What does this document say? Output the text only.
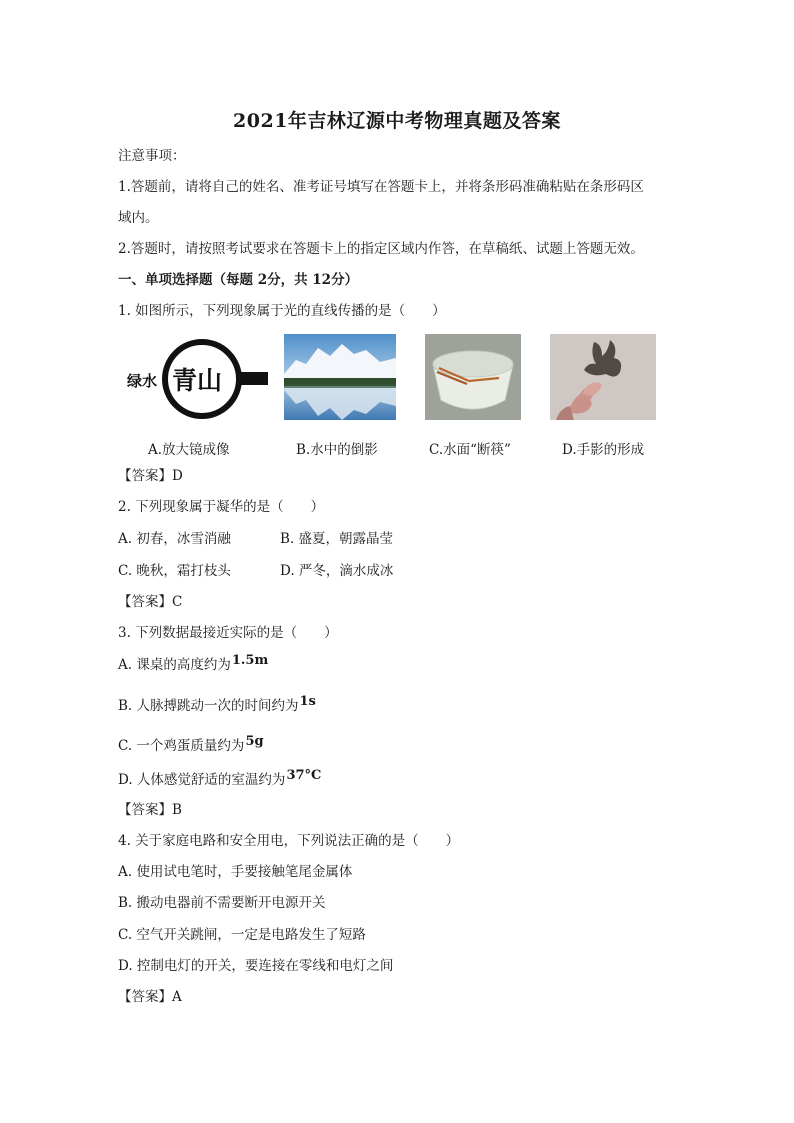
2021年吉林辽源中考物理真题及答案
注意事项：
1.答题前，请将自己的姓名、准考证号填写在答题卡上，并将条形码准确粘贴在条形码区
域内。
2.答题时，请按照考试要求在答题卡上的指定区域内作答，在草稿纸、试题上答题无效。
一、单项选择题（每题 2分，共 12分）
1. 如图所示，下列现象属于光的直线传播的是（　　）
绿水 青山
A.放大镜成像	B.水中的倒影	C.水面“断筷”	D.手影的形成
【答案】D
2. 下列现象属于凝华的是（　　）
A. 初春，冰雪消融	B. 盛夏，朝露晶莹
C. 晚秋，霜打枝头	D. 严冬，滴水成冰
【答案】C
3. 下列数据最接近实际的是（　　）
A. 课桌的高度约为1.5m
B. 人脉搏跳动一次的时间约为1s
C. 一个鸡蛋质量约为5g
D. 人体感觉舒适的室温约为37°C
【答案】B
4. 关于家庭电路和安全用电，下列说法正确的是（　　）
A. 使用试电笔时，手要接触笔尾金属体
B. 搬动电器前不需要断开电源开关
C. 空气开关跳闸，一定是电路发生了短路
D. 控制电灯的开关，要连接在零线和电灯之间
【答案】A
